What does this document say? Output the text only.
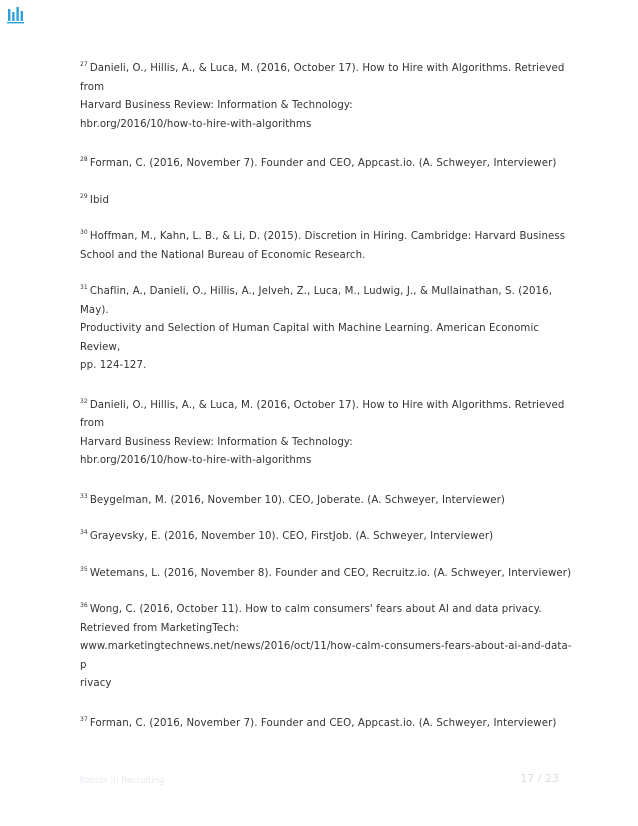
$^{27}$ Danieli, O., Hillis, A., & Luca, M. (2016, October 17). How to Hire with Algorithms. Retrieved from
Harvard Business Review: Information & Technology:
hbr.org/2016/10/how-to-hire-with-algorithms

$^{28}$ Forman, C. (2016, November 7). Founder and CEO, Appcast.io. (A. Schweyer, Interviewer)

$^{29}$ Ibid

$^{30}$ Hoffman, M., Kahn, L. B., & Li, D. (2015). Discretion in Hiring. Cambridge: Harvard Business
School and the National Bureau of Economic Research.

$^{31}$ Chaflin, A., Danieli, O., Hillis, A., Jelveh, Z., Luca, M., Ludwig, J., & Mullainathan, S. (2016, May).
Productivity and Selection of Human Capital with Machine Learning. American Economic Review,
pp. 124-127.

$^{32}$ Danieli, O., Hillis, A., & Luca, M. (2016, October 17). How to Hire with Algorithms. Retrieved from
Harvard Business Review: Information & Technology:
hbr.org/2016/10/how-to-hire-with-algorithms

$^{33}$ Beygelman, M. (2016, November 10). CEO, Joberate. (A. Schweyer, Interviewer)

$^{34}$ Grayevsky, E. (2016, November 10). CEO, FirstJob. (A. Schweyer, Interviewer)

$^{35}$ Wetemans, L. (2016, November 8). Founder and CEO, Recruitz.io. (A. Schweyer, Interviewer)

$^{36}$ Wong, C. (2016, October 11). How to calm consumers' fears about AI and data privacy.
Retrieved from MarketingTech:
www.marketingtechnews.net/news/2016/oct/11/how-calm-consumers-fears-about-ai-and-data-p
rivacy

$^{37}$ Forman, C. (2016, November 7). Founder and CEO, Appcast.io. (A. Schweyer, Interviewer)

Robots in Recruiting	17 / 23
